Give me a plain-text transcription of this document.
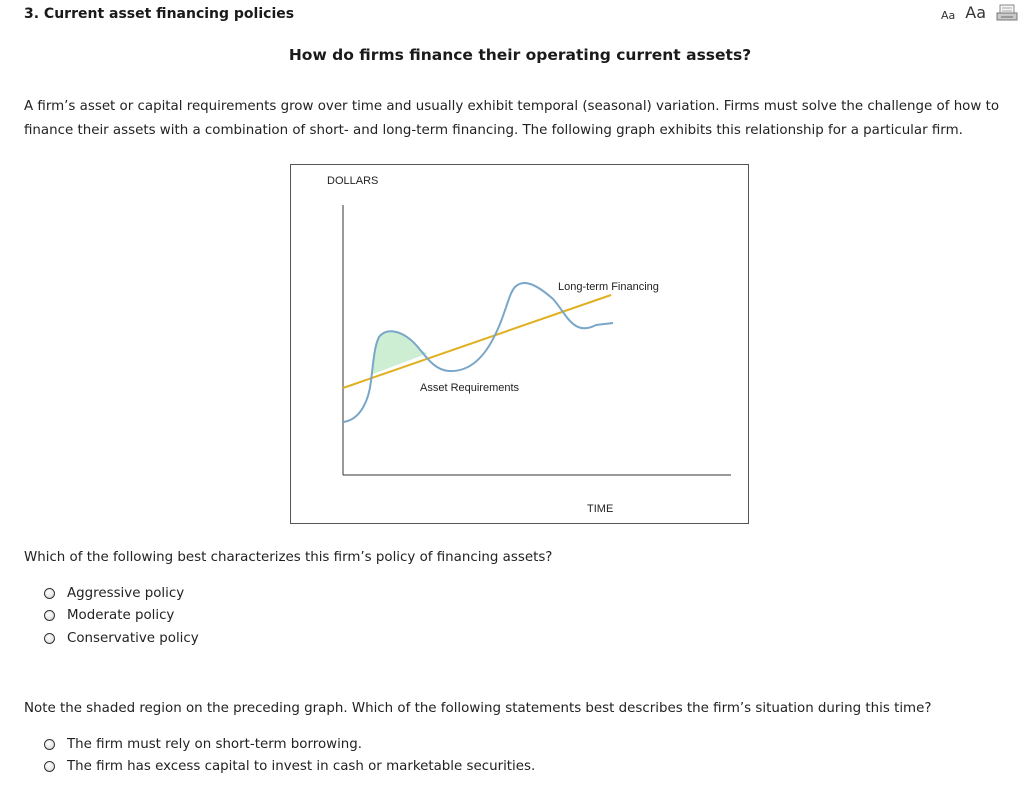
3. Current asset financing policies	Aa Aa
How do firms finance their operating current assets?
A firm’s asset or capital requirements grow over time and usually exhibit temporal (seasonal) variation. Firms must solve the challenge of how to finance their assets with a combination of short- and long-term financing. The following graph exhibits this relationship for a particular firm.
DOLLARS
TIME
Long-term Financing
Asset Requirements
Which of the following best characterizes this firm’s policy of financing assets?
Aggressive policy
Moderate policy
Conservative policy
Note the shaded region on the preceding graph. Which of the following statements best describes the firm’s situation during this time?
The firm must rely on short-term borrowing.
The firm has excess capital to invest in cash or marketable securities.
